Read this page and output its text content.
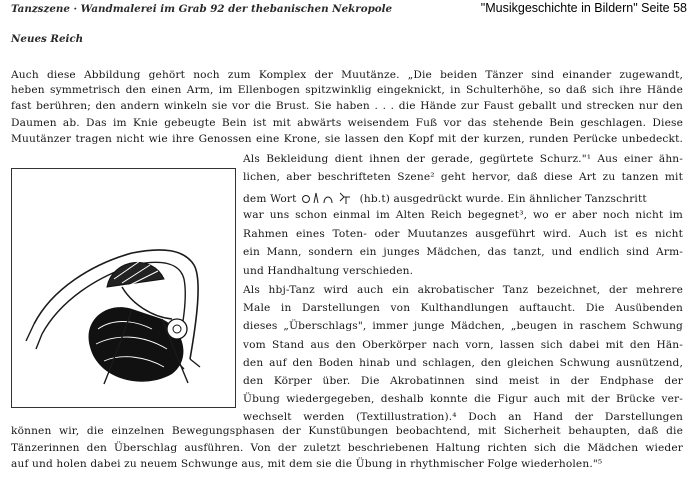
"Musikgeschichte in Bildern" Seite 58
Tanzszene · Wandmalerei im Grab 92 der thebanischen Nekropole
Neues Reich
Auch diese Abbildung gehört noch zum Komplex der Muutänze. „Die beiden Tänzer sind einander zugewandt,
heben symmetrisch den einen Arm, im Ellenbogen spitzwinklig eingeknickt, in Schulterhöhe, so daß sich ihre Hände
fast berühren; den andern winkeln sie vor die Brust. Sie haben . . . die Hände zur Faust geballt und strecken nur den
Daumen ab. Das im Knie gebeugte Bein ist mit abwärts weisendem Fuß vor das stehende Bein geschlagen. Diese
Muutänzer tragen nicht wie ihre Genossen eine Krone, sie lassen den Kopf mit der kurzen, runden Perücke unbedeckt.
Als Bekleidung dient ihnen der gerade, gegürtete Schurz."¹ Aus einer ähn-
lichen, aber beschrifteten Szene² geht hervor, daß diese Art zu tanzen mit
dem Wort	(hb.t) ausgedrückt wurde. Ein ähnlicher Tanzschritt
war uns schon einmal im Alten Reich begegnet³, wo er aber noch nicht im
Rahmen eines Toten- oder Muutanzes ausgeführt wird. Auch ist es nicht
ein Mann, sondern ein junges Mädchen, das tanzt, und endlich sind Arm-
und Handhaltung verschieden.
Als hbj-Tanz wird auch ein akrobatischer Tanz bezeichnet, der mehrere
Male in Darstellungen von Kulthandlungen auftaucht. Die Ausübenden
dieses „Überschlags", immer junge Mädchen, „beugen in raschem Schwung
vom Stand aus den Oberkörper nach vorn, lassen sich dabei mit den Hän-
den auf den Boden hinab und schlagen, den gleichen Schwung ausnützend,
den Körper über. Die Akrobatinnen sind meist in der Endphase der
Übung wiedergegeben, deshalb konnte die Figur auch mit der Brücke ver-
wechselt werden (Textillustration).⁴ Doch an Hand der Darstellungen
können wir, die einzelnen Bewegungsphasen der Kunstübungen beobachtend, mit Sicherheit behaupten, daß die
Tänzerinnen den Überschlag ausführen. Von der zuletzt beschriebenen Haltung richten sich die Mädchen wieder
auf und holen dabei zu neuem Schwunge aus, mit dem sie die Übung in rhythmischer Folge wiederholen."⁵
